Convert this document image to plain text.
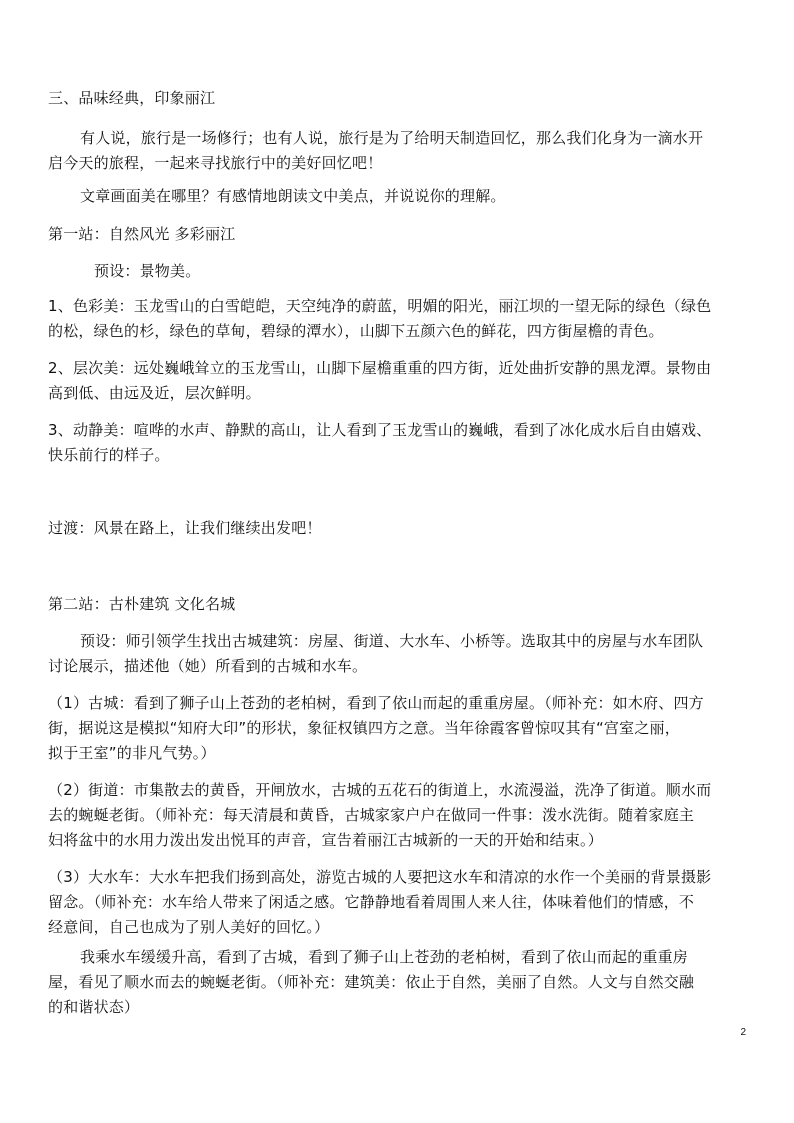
三、品味经典，印象丽江
有人说，旅行是一场修行；也有人说，旅行是为了给明天制造回忆，那么我们化身为一滴水开
启今天的旅程，一起来寻找旅行中的美好回忆吧！
文章画面美在哪里？有感情地朗读文中美点，并说说你的理解。
第一站：自然风光 多彩丽江
预设：景物美。
1、色彩美：玉龙雪山的白雪皑皑，天空纯净的蔚蓝，明媚的阳光，丽江坝的一望无际的绿色（绿色
的松，绿色的杉，绿色的草甸，碧绿的潭水），山脚下五颜六色的鲜花，四方街屋檐的青色。
2、层次美：远处巍峨耸立的玉龙雪山，山脚下屋檐重重的四方街，近处曲折安静的黑龙潭。景物由
高到低、由远及近，层次鲜明。
3、动静美：喧哗的水声、静默的高山，让人看到了玉龙雪山的巍峨，看到了冰化成水后自由嬉戏、
快乐前行的样子。
过渡：风景在路上，让我们继续出发吧！
第二站：古朴建筑 文化名城
预设：师引领学生找出古城建筑：房屋、街道、大水车、小桥等。选取其中的房屋与水车团队
讨论展示，描述他（她）所看到的古城和水车。
（1）古城：看到了狮子山上苍劲的老柏树，看到了依山而起的重重房屋。（师补充：如木府、四方
街，据说这是模拟“知府大印”的形状，象征权镇四方之意。当年徐霞客曾惊叹其有“宫室之丽，
拟于王室”的非凡气势。）
（2）街道：市集散去的黄昏，开闸放水，古城的五花石的街道上，水流漫溢，洗净了街道。顺水而
去的蜿蜒老街。（师补充：每天清晨和黄昏，古城家家户户在做同一件事：泼水洗街。随着家庭主
妇将盆中的水用力泼出发出悦耳的声音，宣告着丽江古城新的一天的开始和结束。）
（3）大水车：大水车把我们扬到高处，游览古城的人要把这水车和清凉的水作一个美丽的背景摄影
留念。（师补充：水车给人带来了闲适之感。它静静地看着周围人来人往，体味着他们的情感，不
经意间，自己也成为了别人美好的回忆。）
我乘水车缓缓升高，看到了古城，看到了狮子山上苍劲的老柏树，看到了依山而起的重重房
屋，看见了顺水而去的蜿蜒老街。（师补充：建筑美：依止于自然，美丽了自然。人文与自然交融
的和谐状态）
2
